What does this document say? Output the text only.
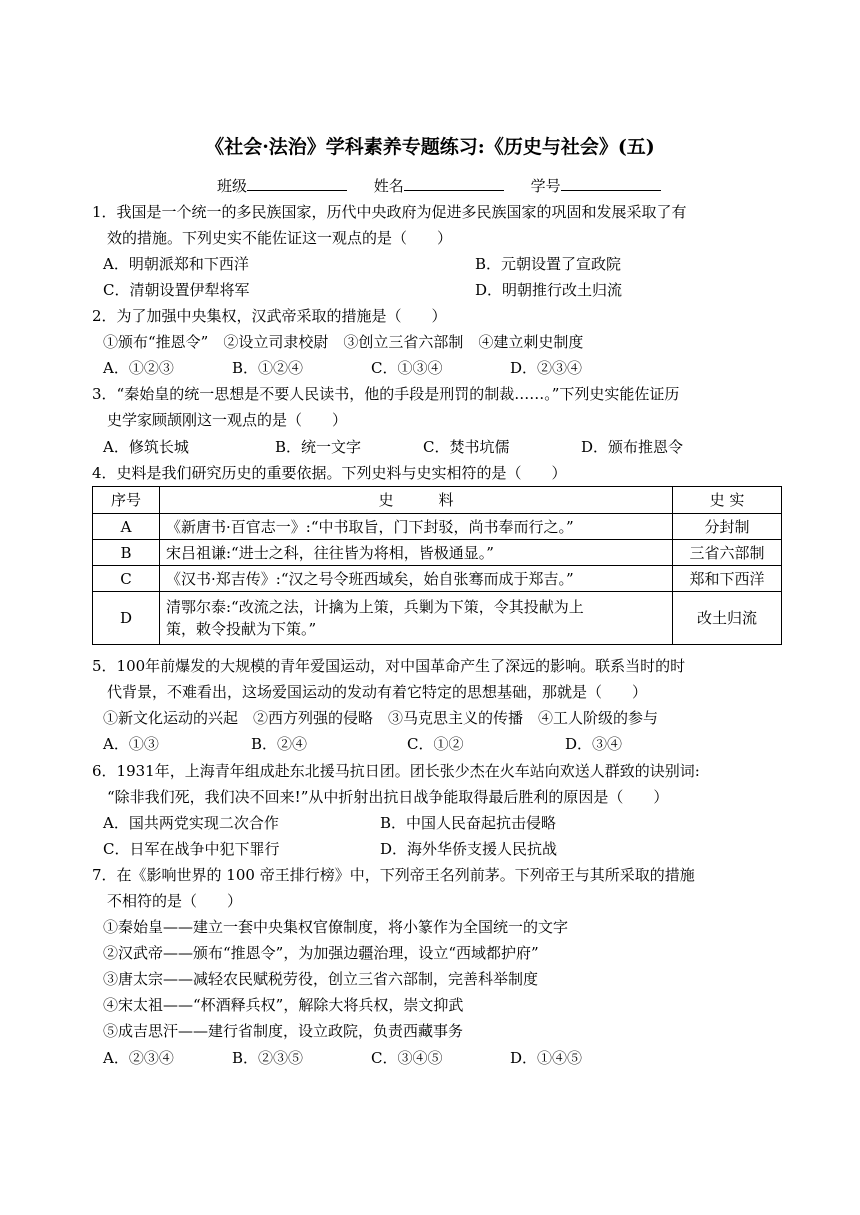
《社会·法治》学科素养专题练习:《历史与社会》(五)
班级	姓名	学号
1．我国是一个统一的多民族国家，历代中央政府为促进多民族国家的巩固和发展采取了有
效的措施。下列史实不能佐证这一观点的是（　　）
A．明朝派郑和下西洋	B．元朝设置了宣政院
C．清朝设置伊犁将军	D．明朝推行改土归流
2．为了加强中央集权，汉武帝采取的措施是（　　）
①颁布“推恩令”　②设立司隶校尉　③创立三省六部制　④建立刺史制度
A．①②③	B．①②④	C．①③④	D．②③④
3．“秦始皇的统一思想是不要人民读书，他的手段是刑罚的制裁……。”下列史实能佐证历
史学家顾颉刚这一观点的是（　　）
A．修筑长城	B．统一文字	C．焚书坑儒	D．颁布推恩令
4．史料是我们研究历史的重要依据。下列史料与史实相符的是（　　）
序号	史　　　料	史 实
A	《新唐书·百官志一》:“中书取旨，门下封驳，尚书奉而行之。”	分封制
B	宋吕祖谦:“进士之科，往往皆为将相，皆极通显。”	三省六部制
C	《汉书·郑吉传》:“汉之号令班西域矣，始自张骞而成于郑吉。”	郑和下西洋
D	清鄂尔泰:“改流之法，计擒为上策，兵剿为下策，令其投献为上
策，敕令投献为下策。”	改土归流
5．100年前爆发的大规模的青年爱国运动，对中国革命产生了深远的影响。联系当时的时
代背景，不难看出，这场爱国运动的发动有着它特定的思想基础，那就是（　　）
①新文化运动的兴起　②西方列强的侵略　③马克思主义的传播　④工人阶级的参与
A．①③	B．②④	C．①②	D．③④
6．1931年，上海青年组成赴东北援马抗日团。团长张少杰在火车站向欢送人群致的诀别词:
“除非我们死，我们决不回来!”从中折射出抗日战争能取得最后胜利的原因是（　　）
A．国共两党实现二次合作	B．中国人民奋起抗击侵略
C．日军在战争中犯下罪行	D．海外华侨支援人民抗战
7．在《影响世界的 100 帝王排行榜》中，下列帝王名列前茅。下列帝王与其所采取的措施
不相符的是（　　）
①秦始皇——建立一套中央集权官僚制度，将小篆作为全国统一的文字
②汉武帝——颁布“推恩令”，为加强边疆治理，设立“西域都护府”
③唐太宗——减轻农民赋税劳役，创立三省六部制，完善科举制度
④宋太祖——“杯酒释兵权”，解除大将兵权，崇文抑武
⑤成吉思汗——建行省制度，设立政院，负责西藏事务
A．②③④	B．②③⑤	C．③④⑤	D．①④⑤
